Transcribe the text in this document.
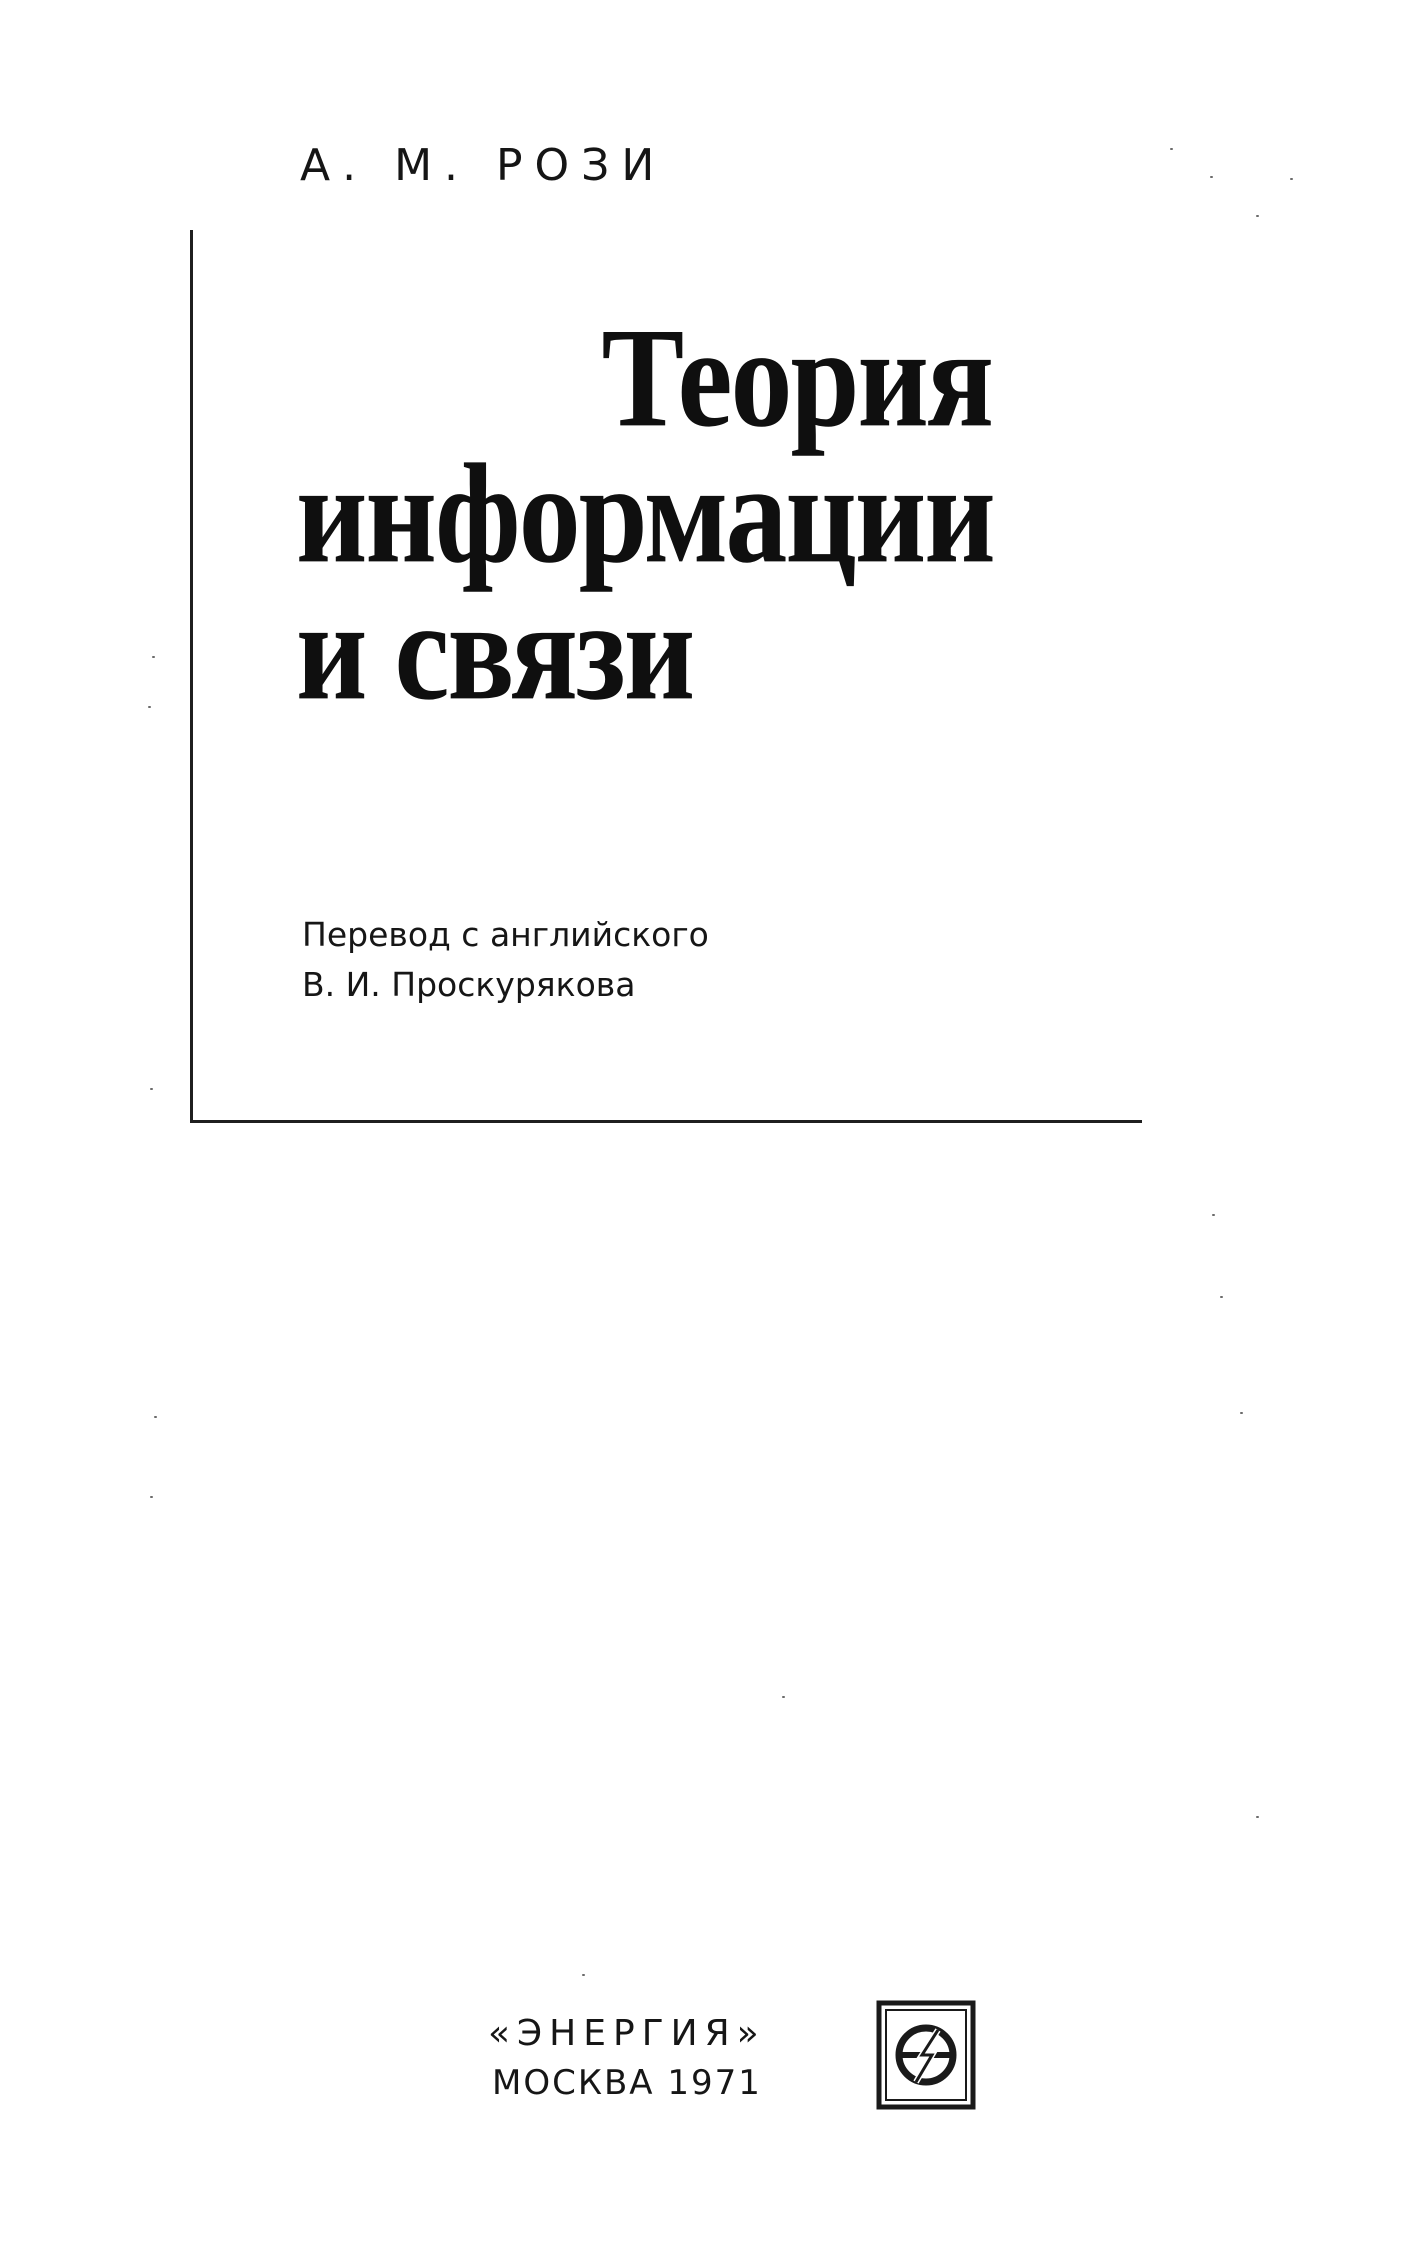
А. М. РОЗИ
Теория
информации
и связи
Перевод с английского
В. И. Проскурякова
«ЭНЕРГИЯ»
МОСКВА 1971
